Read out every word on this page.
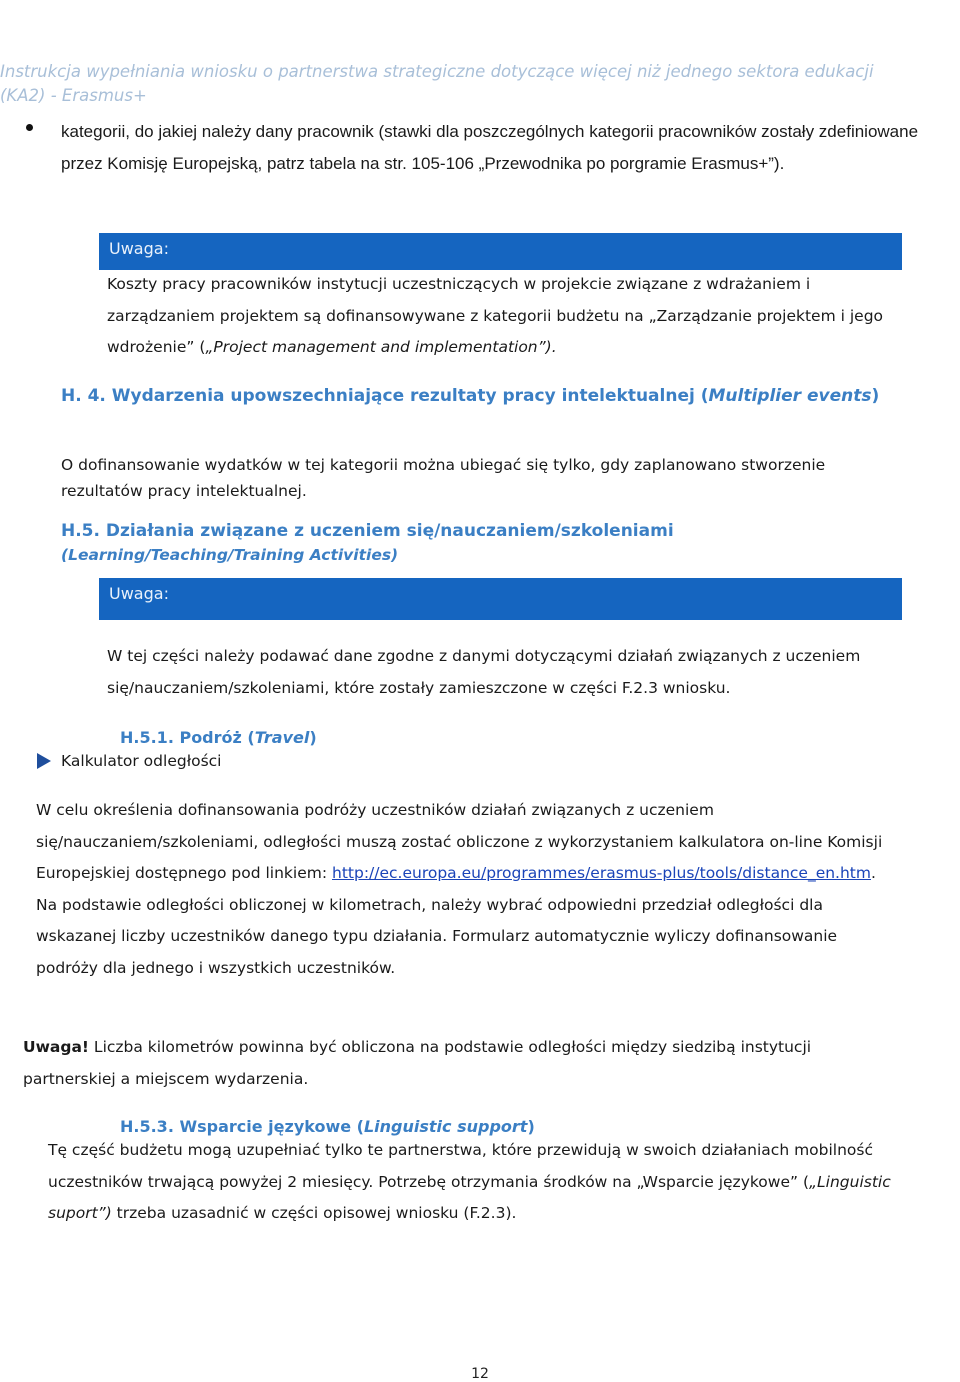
Instrukcja wypełniania wniosku o partnerstwa strategiczne dotyczące więcej niż jednego sektora edukacji
(KA2) - Erasmus+
kategorii, do jakiej należy dany pracownik (stawki dla poszczególnych kategorii pracowników zostały zdefiniowane przez Komisję Europejską, patrz tabela na str. 105-106 „Przewodnika po porgramie Erasmus+”).
Uwaga:
Koszty pracy pracowników instytucji uczestniczących w projekcie związane z wdrażaniem i zarządzaniem projektem są dofinansowywane z kategorii budżetu na „Zarządzanie projektem i jego wdrożenie” („Project management and implementation”).
H. 4. Wydarzenia upowszechniające rezultaty pracy intelektualnej (Multiplier events)
O dofinansowanie wydatków w tej kategorii można ubiegać się tylko, gdy zaplanowano stworzenie rezultatów pracy intelektualnej.
H.5. Działania związane z uczeniem się/nauczaniem/szkoleniami
(Learning/Teaching/Training Activities)
Uwaga:
W tej części należy podawać dane zgodne z danymi dotyczącymi działań związanych z uczeniem się/nauczaniem/szkoleniami, które zostały zamieszczone w części F.2.3 wniosku.
H.5.1. Podróż (Travel)
Kalkulator odległości
W celu określenia dofinansowania podróży uczestników działań związanych z uczeniem się/nauczaniem/szkoleniami, odległości muszą zostać obliczone z wykorzystaniem kalkulatora on-line Komisji Europejskiej dostępnego pod linkiem: http://ec.europa.eu/programmes/erasmus-plus/tools/distance_en.htm.
Na podstawie odległości obliczonej w kilometrach, należy wybrać odpowiedni przedział odległości dla wskazanej liczby uczestników danego typu działania. Formularz automatycznie wyliczy dofinansowanie podróży dla jednego i wszystkich uczestników.
Uwaga! Liczba kilometrów powinna być obliczona na podstawie odległości między siedzibą instytucji partnerskiej a miejscem wydarzenia.
H.5.3. Wsparcie językowe (Linguistic support)
Tę część budżetu mogą uzupełniać tylko te partnerstwa, które przewidują w swoich działaniach mobilność uczestników trwającą powyżej 2 miesięcy. Potrzebę otrzymania środków na „Wsparcie językowe” („Linguistic suport”) trzeba uzasadnić w części opisowej wniosku (F.2.3).
12
